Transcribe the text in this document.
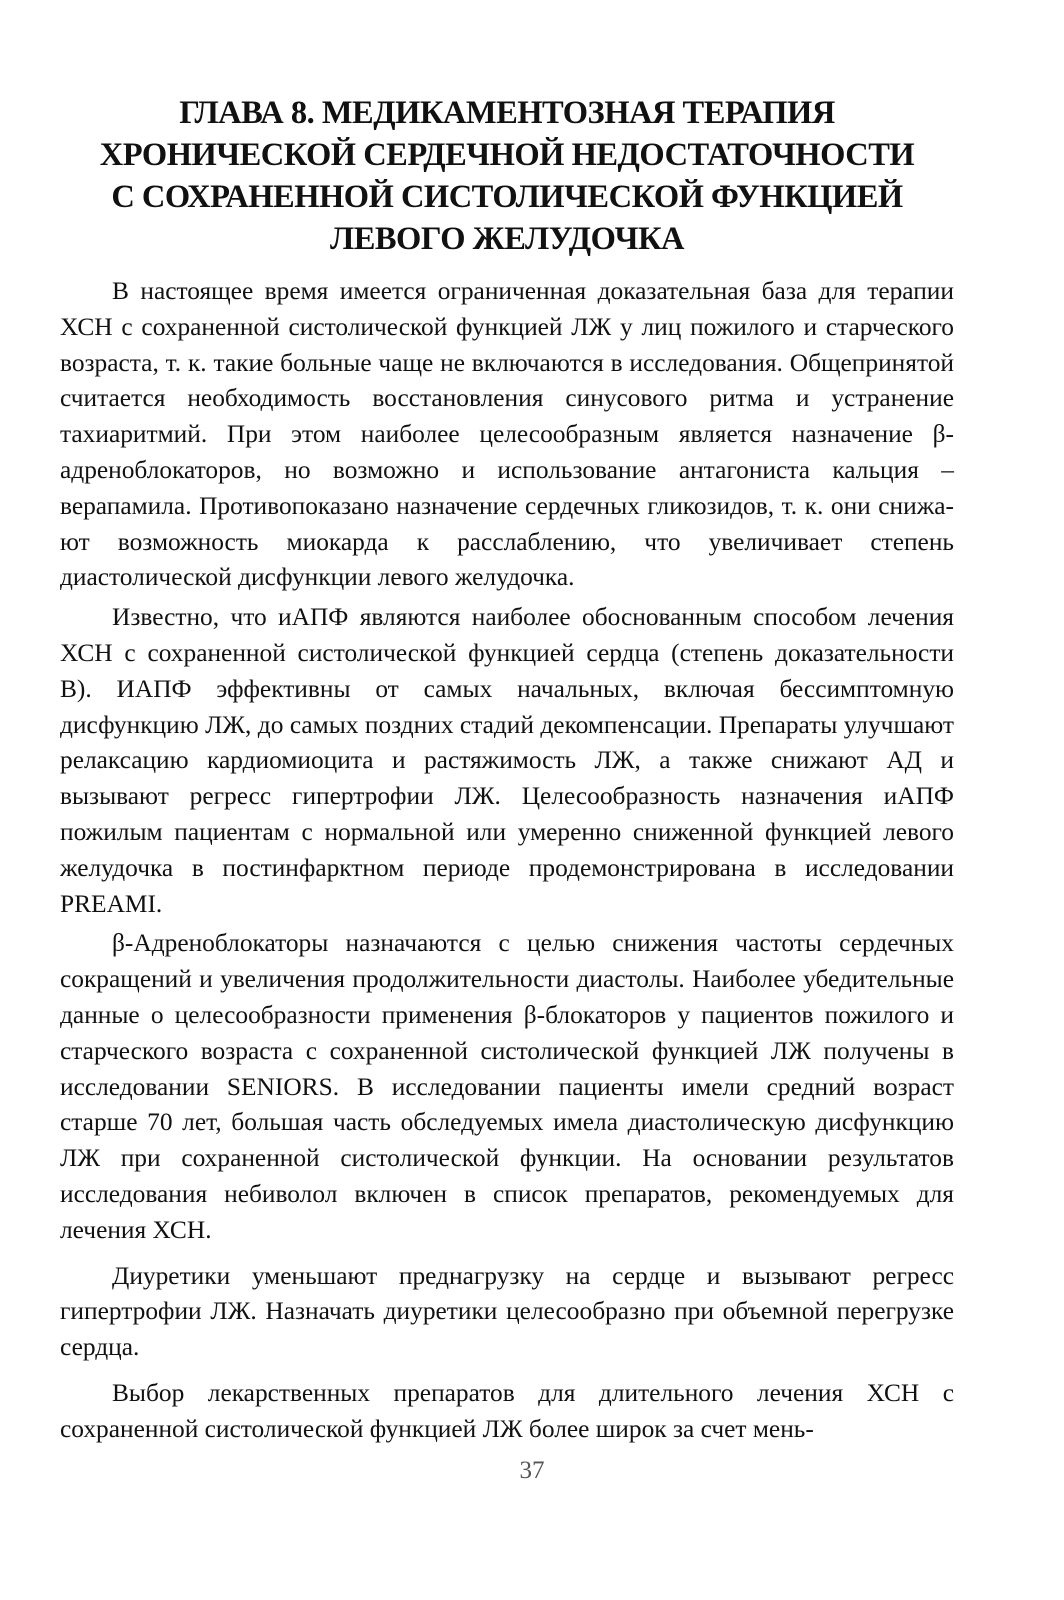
ГЛАВА 8. МЕДИКАМЕНТОЗНАЯ ТЕРАПИЯ
ХРОНИЧЕСКОЙ СЕРДЕЧНОЙ НЕДОСТАТОЧНОСТИ
С СОХРАНЕННОЙ СИСТОЛИЧЕСКОЙ ФУНКЦИЕЙ
ЛЕВОГО ЖЕЛУДОЧКА

В настоящее время имеется ограниченная доказательная база для терапии ХСН с сохраненной систолической функцией ЛЖ у лиц пожилого и старческого возраста, т. к. такие больные чаще не включаются в исследования. Общепринятой считается необходимость восстановления синусового ритма и устранение тахиаритмий. При этом наиболее целесообразным является назначение β-адреноблокаторов, но возможно и использование антагониста кальция – верапамила. Противопоказано назначение сердечных гликозидов, т. к. они снижают возможность миокарда к расслаблению, что увеличивает степень диастолической дисфункции левого желудочка.

Известно, что иАПФ являются наиболее обоснованным способом лечения ХСН с сохраненной систолической функцией сердца (степень доказательности В). ИАПФ эффективны от самых начальных, включая бессимптомную дисфункцию ЛЖ, до самых поздних стадий декомпенсации. Препараты улучшают релаксацию кардиомиоцита и растяжимость ЛЖ, а также снижают АД и вызывают регресс гипертрофии ЛЖ. Целесообразность назначения иАПФ пожилым пациентам с нормальной или умеренно сниженной функцией левого желудочка в постинфарктном периоде продемонстрирована в исследовании PREAMI.

β-Адреноблокаторы назначаются с целью снижения частоты сердечных сокращений и увеличения продолжительности диастолы. Наиболее убедительные данные о целесообразности применения β-блокаторов у пациентов пожилого и старческого возраста с сохраненной систолической функцией ЛЖ получены в исследовании SENIORS. В исследовании пациенты имели средний возраст старше 70 лет, большая часть обследуемых имела диастолическую дисфункцию ЛЖ при сохраненной систолической функции. На основании результатов исследования небиволол включен в список препаратов, рекомендуемых для лечения ХСН.

Диуретики уменьшают преднагрузку на сердце и вызывают регресс гипертрофии ЛЖ. Назначать диуретики целесообразно при объемной перегрузке сердца.

Выбор лекарственных препаратов для длительного лечения ХСН с сохраненной систолической функцией ЛЖ более широк за счет мень-

37
